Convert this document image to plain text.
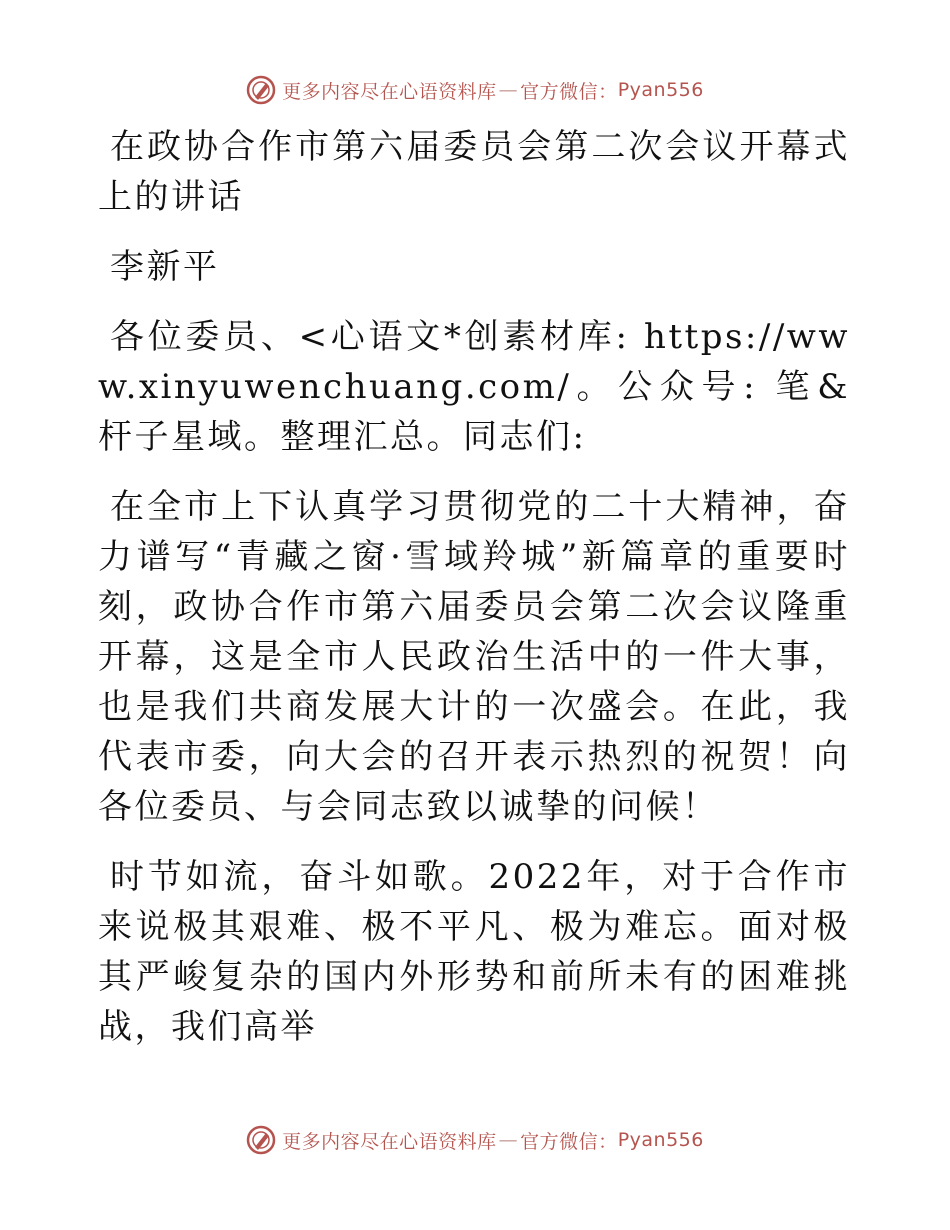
更多内容尽在心语资料库 — 官方微信： Pyan556

在政协合作市第六届委员会第二次会议开幕式上的讲话

李新平

各位委员、<心语文*创素材库: https://www.xinyuwenchuang.com/。公众号: 笔&杆子星域。整理汇总。同志们:

在全市上下认真学习贯彻党的二十大精神，奋力谱写“青藏之窗·雪域羚城”新篇章的重要时刻，政协合作市第六届委员会第二次会议隆重开幕，这是全市人民政治生活中的一件大事，也是我们共商发展大计的一次盛会。在此，我代表市委，向大会的召开表示热烈的祝贺！向各位委员、与会同志致以诚挚的问候！

时节如流，奋斗如歌。2022年，对于合作市来说极其艰难、极不平凡、极为难忘。面对极其严峻复杂的国内外形势和前所未有的困难挑战，我们高举

更多内容尽在心语资料库 — 官方微信： Pyan556
